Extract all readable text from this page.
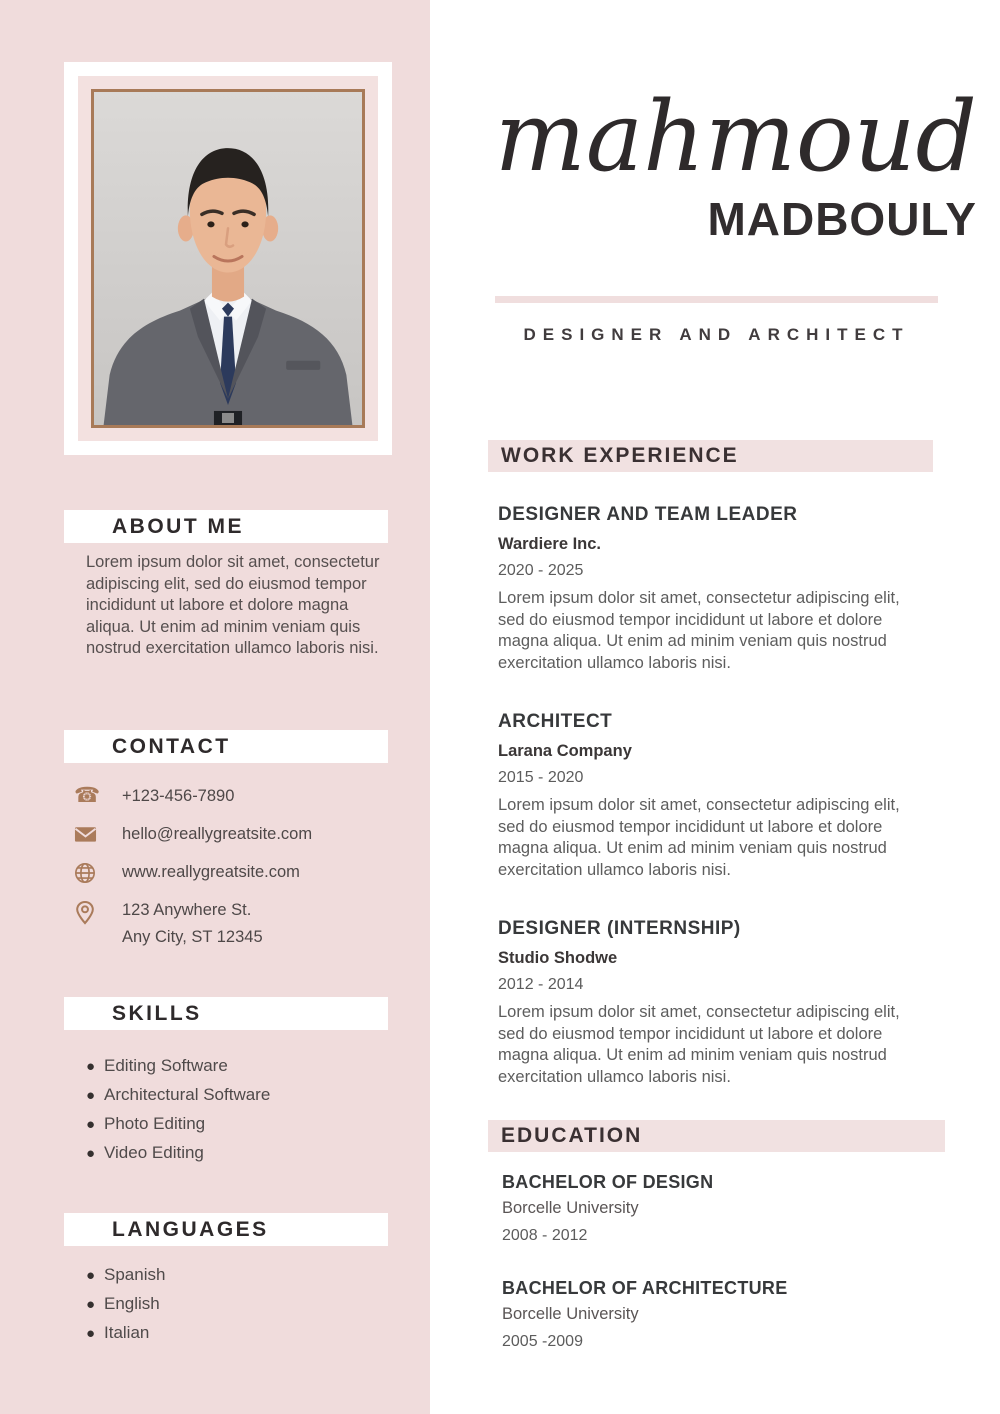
ABOUT ME

Lorem ipsum dolor sit amet, consectetur adipiscing elit, sed do eiusmod tempor incididunt ut labore et dolore magna aliqua. Ut enim ad minim veniam quis nostrud exercitation ullamco laboris nisi.

CONTACT
☎	+123-456-7890
hello@reallygreatsite.com
www.reallygreatsite.com
123 Anywhere St.
Any City, ST 12345
SKILLS
● Editing Software
● Architectural Software
● Photo Editing
● Video Editing
LANGUAGES
● Spanish
● English
● Italian
mahmoud
MADBOULY
DESIGNER AND ARCHITECT
WORK EXPERIENCE
DESIGNER AND TEAM LEADER
Wardiere Inc.
2020 - 2025

Lorem ipsum dolor sit amet, consectetur adipiscing elit, sed do eiusmod tempor incididunt ut labore et dolore magna aliqua. Ut enim ad minim veniam quis nostrud exercitation ullamco laboris nisi.

ARCHITECT
Larana Company
2015 - 2020

Lorem ipsum dolor sit amet, consectetur adipiscing elit, sed do eiusmod tempor incididunt ut labore et dolore magna aliqua. Ut enim ad minim veniam quis nostrud exercitation ullamco laboris nisi.

DESIGNER (INTERNSHIP)
Studio Shodwe
2012 - 2014

Lorem ipsum dolor sit amet, consectetur adipiscing elit, sed do eiusmod tempor incididunt ut labore et dolore magna aliqua. Ut enim ad minim veniam quis nostrud exercitation ullamco laboris nisi.

EDUCATION
BACHELOR OF DESIGN
Borcelle University
2008 - 2012
BACHELOR OF ARCHITECTURE
Borcelle University
2005 -2009
